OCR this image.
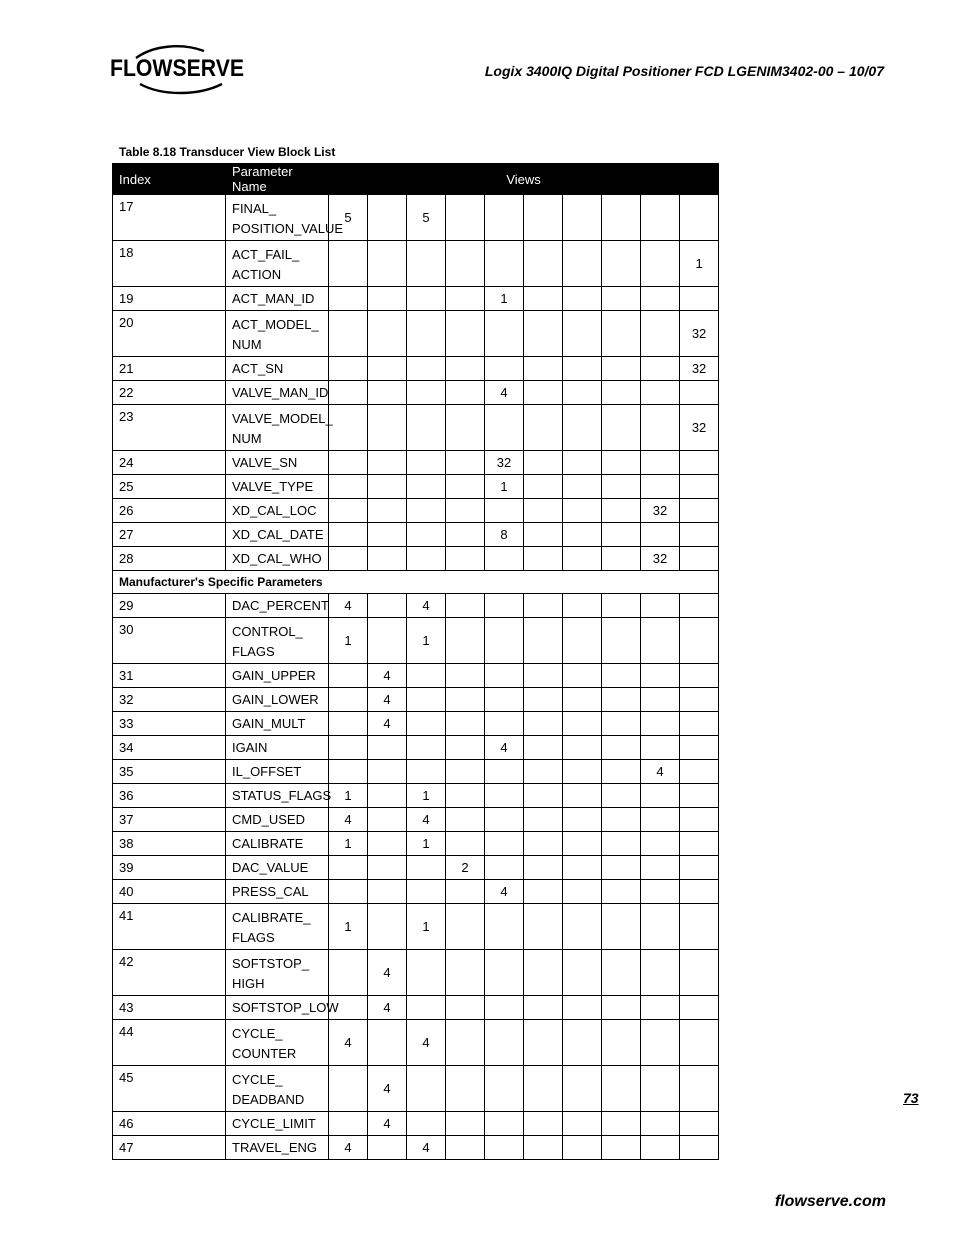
FLOWSERVE	Logix 3400IQ Digital Positioner FCD LGENIM3402-00 – 10/07
Table 8.18 Transducer View Block List
Index	Parameter Name	Views									
17	FINAL_
POSITION_VALUE	5		5							
18	ACT_FAIL_
ACTION										1
19	ACT_MAN_ID					1					
20	ACT_MODEL_
NUM										32
21	ACT_SN										32
22	VALVE_MAN_ID					4					
23	VALVE_MODEL_
NUM										32
24	VALVE_SN					32					
25	VALVE_TYPE					1					
26	XD_CAL_LOC									32	
27	XD_CAL_DATE					8					
28	XD_CAL_WHO									32	
Manufacturer's Specific Parameters											
29	DAC_PERCENT	4		4							
30	CONTROL_
FLAGS	1		1							
31	GAIN_UPPER		4								
32	GAIN_LOWER		4								
33	GAIN_MULT		4								
34	IGAIN					4					
35	IL_OFFSET									4	
36	STATUS_FLAGS	1		1							
37	CMD_USED	4		4							
38	CALIBRATE	1		1							
39	DAC_VALUE				2						
40	PRESS_CAL					4					
41	CALIBRATE_
FLAGS	1		1							
42	SOFTSTOP_
HIGH		4								
43	SOFTSTOP_LOW		4								
44	CYCLE_
COUNTER	4		4							
45	CYCLE_
DEADBAND		4								
46	CYCLE_LIMIT		4								
47	TRAVEL_ENG	4		4							
73
flowserve.com
